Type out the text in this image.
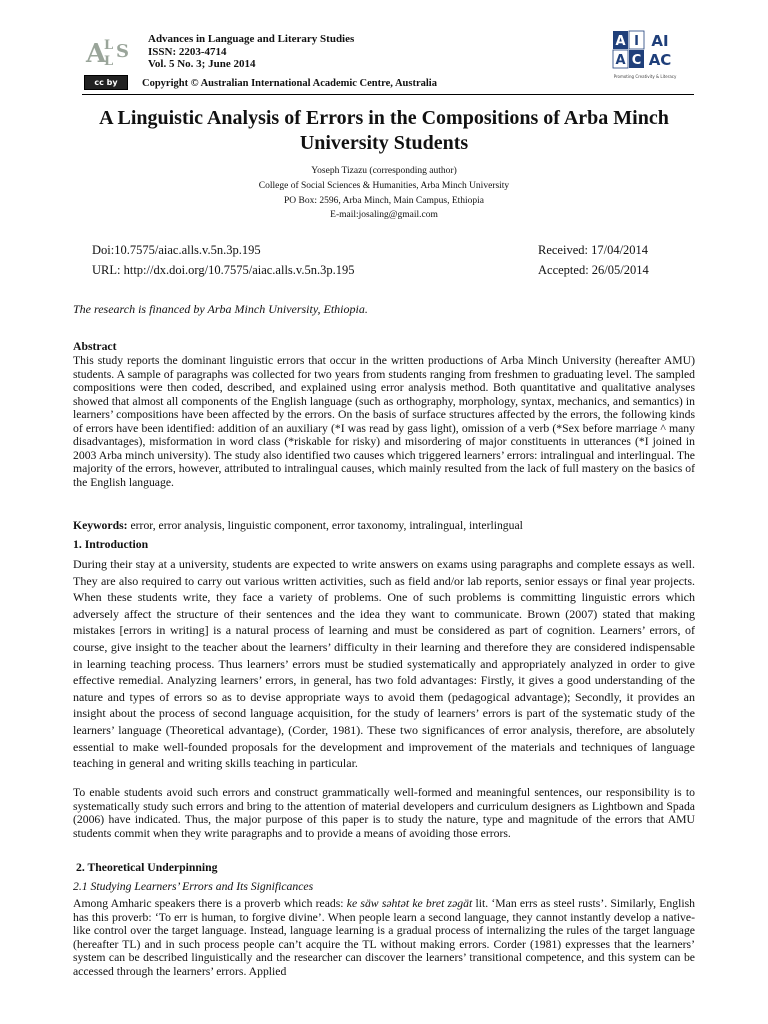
A
L
L S
Advances in Language and Literary Studies
ISSN: 2203-4714
Vol. 5 No. 3; June 2014
cc by Copyright © Australian International Academic Centre, Australia
A I
A C
AI
AC
Promoting Creativity & Literacy
A Linguistic Analysis of Errors in the Compositions of Arba Minch University Students
Yoseph Tizazu (corresponding author)
College of Social Sciences & Humanities, Arba Minch University
PO Box: 2596, Arba Minch, Main Campus, Ethiopia
E-mail:josaling@gmail.com
Doi:10.7575/aiac.alls.v.5n.3p.195
URL: http://dx.doi.org/10.7575/aiac.alls.v.5n.3p.195
Received: 17/04/2014
Accepted: 26/05/2014
The research is financed by Arba Minch University, Ethiopia.
Abstract
This study reports the dominant linguistic errors that occur in the written productions of Arba Minch University (hereafter AMU) students. A sample of paragraphs was collected for two years from students ranging from freshmen to graduating level. The sampled compositions were then coded, described, and explained using error analysis method. Both quantitative and qualitative analyses showed that almost all components of the English language (such as orthography, morphology, syntax, mechanics, and semantics) in learners’ compositions have been affected by the errors. On the basis of surface structures affected by the errors, the following kinds of errors have been identified: addition of an auxiliary (*I was read by gass light), omission of a verb (*Sex before marriage ^ many disadvantages), misformation in word class (*riskable for risky) and misordering of major constituents in utterances (*I joined in 2003 Arba minch university). The study also identified two causes which triggered learners’ errors: intralingual and interlingual. The majority of the errors, however, attributed to intralingual causes, which mainly resulted from the lack of full mastery on the basics of the English language.
Keywords: error, error analysis, linguistic component, error taxonomy, intralingual, interlingual
1. Introduction
During their stay at a university, students are expected to write answers on exams using paragraphs and complete essays as well. They are also required to carry out various written activities, such as field and/or lab reports, senior essays or final year projects. When these students write, they face a variety of problems. One of such problems is committing linguistic errors which adversely affect the structure of their sentences and the idea they want to communicate. Brown (2007) stated that making mistakes [errors in writing] is a natural process of learning and must be considered as part of cognition. Learners’ errors, of course, give insight to the teacher about the learners’ difficulty in their learning and therefore they are considered indispensable in learning teaching process. Thus learners’ errors must be studied systematically and appropriately analyzed in order to give effective remedial. Analyzing learners’ errors, in general, has two fold advantages: Firstly, it gives a good understanding of the nature and types of errors so as to devise appropriate ways to avoid them (pedagogical advantage); Secondly, it provides an insight about the process of second language acquisition, for the study of learners’ errors is part of the systematic study of the learners’ language (Theoretical advantage), (Corder, 1981). These two significances of error analysis, therefore, are absolutely essential to make well-founded proposals for the development and improvement of the materials and techniques of language teaching in general and writing skills teaching in particular.
To enable students avoid such errors and construct grammatically well-formed and meaningful sentences, our responsibility is to systematically study such errors and bring to the attention of material developers and curriculum designers as Lightbown and Spada (2006) have indicated. Thus, the major purpose of this paper is to study the nature, type and magnitude of the errors that AMU students commit when they write paragraphs and to provide a means of avoiding those errors.
2. Theoretical Underpinning
2.1 Studying Learners’ Errors and Its Significances
Among Amharic speakers there is a proverb which reads: ke säw sǝhtǝt ke bret zǝgät lit. ‘Man errs as steel rusts’. Similarly, English has this proverb: ‘To err is human, to forgive divine’. When people learn a second language, they cannot instantly develop a native-like control over the target language. Instead, language learning is a gradual process of internalizing the rules of the target language (hereafter TL) and in such process people can’t acquire the TL without making errors. Corder (1981) expresses that the learners’ system can be described linguistically and the researcher can discover the learners’ transitional competence, and this system can be accessed through the learners’ errors. Applied
